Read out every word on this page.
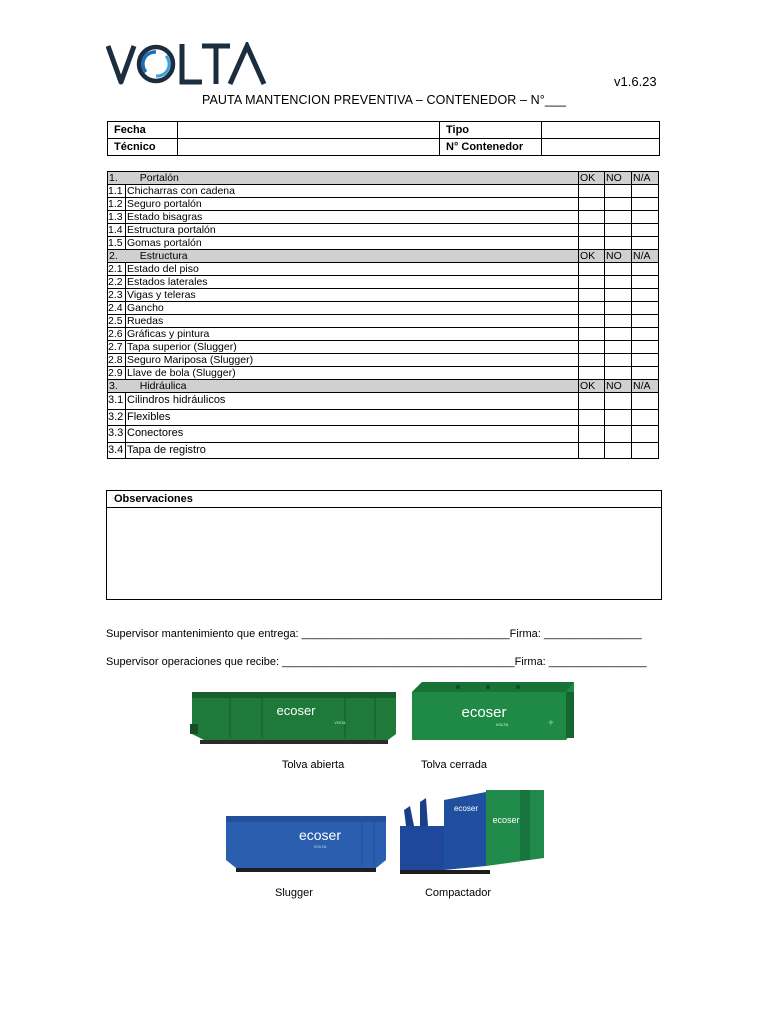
v1.6.23
PAUTA MANTENCION PREVENTIVA – CONTENEDOR – N°___
Fecha		Tipo	
Técnico		N° Contenedor	
1. Portalón		OK	NO	N/A
1.1	Chicharras con cadena			
1.2	Seguro portalón			
1.3	Estado bisagras			
1.4	Estructura portalón			
1.5	Gomas portalón			
2. Estructura		OK	NO	N/A
2.1	Estado del piso			
2.2	Estados laterales			
2.3	Vigas y teleras			
2.4	Gancho			
2.5	Ruedas			
2.6	Gráficas y pintura			
2.7	Tapa superior (Slugger)			
2.8	Seguro Mariposa (Slugger)			
2.9	Llave de bola (Slugger)			
3. Hidráulica		OK	NO	N/A
3.1	Cilindros hidráulicos			
3.2	Flexibles			
3.3	Conectores			
3.4	Tapa de registro			
Observaciones
Supervisor mantenimiento que entrega: __________________________________Firma: ________________
Supervisor operaciones que recibe: ______________________________________Firma: ________________
ecoser
VOLTA
Tolva abierta
ecoser
VOLTA	+
Tolva cerrada
ecoser
VOLTA
Slugger
ecoser
ecoser
Compactador
